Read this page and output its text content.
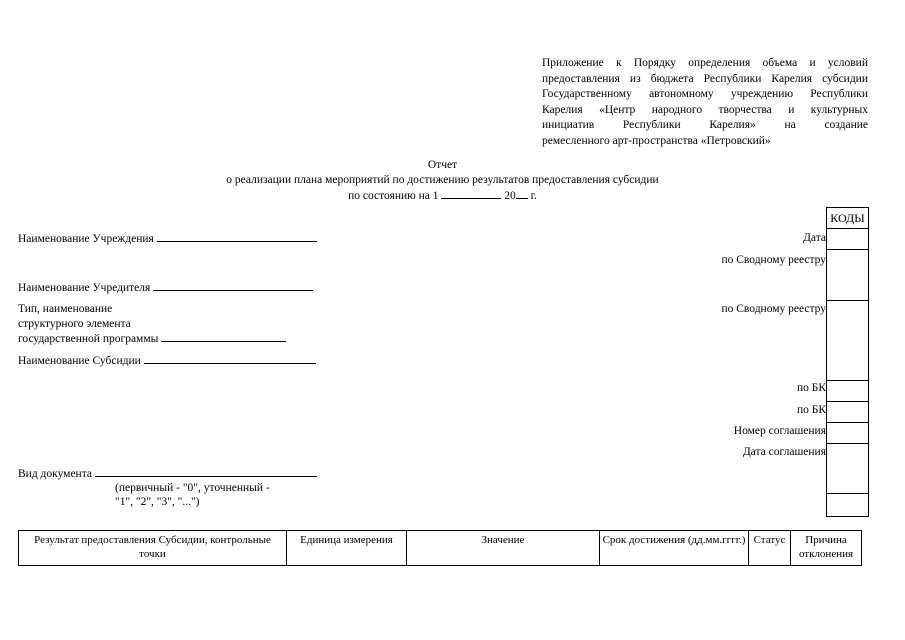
Приложение к Порядку определения объема и условий
предоставления из бюджета Республики Карелия субсидии
Государственному автономному учреждению Республики
Карелия «Центр народного творчества и культурных
инициатив Республики Карелия» на создание
ремесленного арт-пространства «Петровский»
Отчет
о реализации плана мероприятий по достижению результатов предоставления субсидии
по состоянию на 1	20 г.
Наименование Учреждения
Наименование Учредителя
Тип, наименование
структурного элемента
государственной программы
Наименование Субсидии
Вид документа
(первичный - "0", уточненный -
"1", "2", "3", "...")
Дата
по Сводному реестру
по Сводному реестру
по БК
по БК
Номер соглашения
Дата соглашения
КОДЫ
Результат предоставления Субсидии, контрольные точки	Единица измерения	Значение	Срок достижения (дд.мм.гггг.)	Статус	Причина отклонения
